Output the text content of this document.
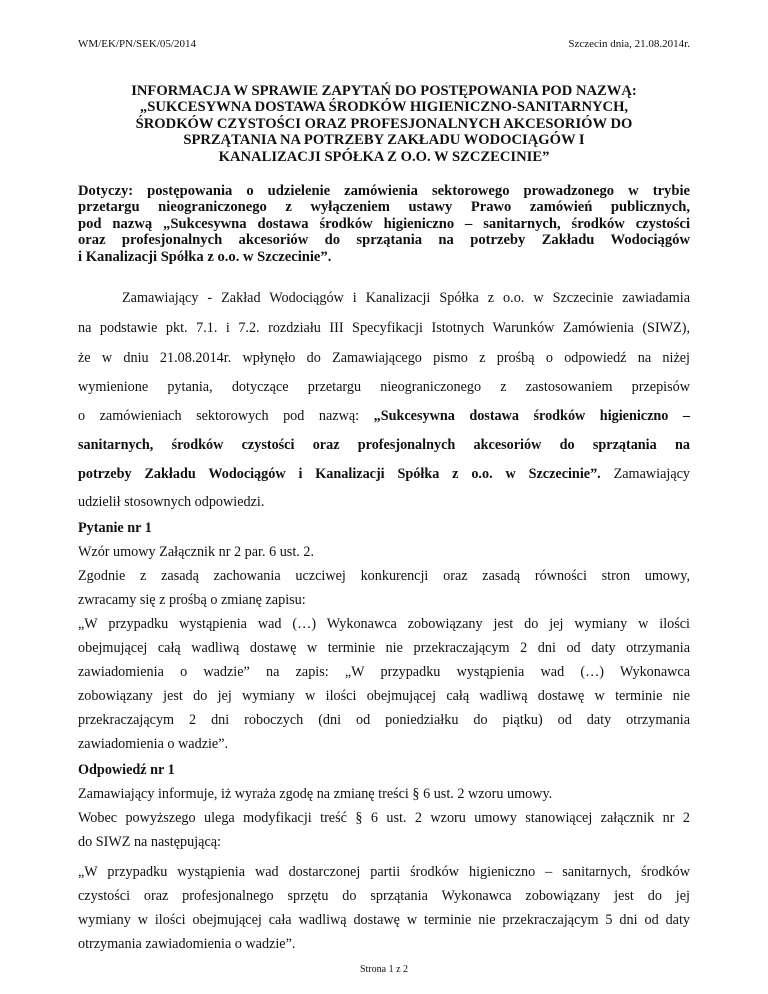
WM/EK/PN/SEK/05/2014	Szczecin dnia, 21.08.2014r.
INFORMACJA W SPRAWIE ZAPYTAŃ DO POSTĘPOWANIA POD NAZWĄ:
„SUKCESYWNA DOSTAWA ŚRODKÓW HIGIENICZNO-SANITARNYCH,
ŚRODKÓW CZYSTOŚCI ORAZ PROFESJONALNYCH AKCESORIÓW DO
SPRZĄTANIA NA POTRZEBY ZAKŁADU WODOCIĄGÓW I
KANALIZACJI SPÓŁKA Z O.O. W SZCZECINIE”
Dotyczy: postępowania o udzielenie zamówienia sektorowego prowadzonego w trybie
przetargu nieograniczonego z wyłączeniem ustawy Prawo zamówień publicznych,
pod nazwą „Sukcesywna dostawa środków higieniczno – sanitarnych, środków czystości
oraz profesjonalnych akcesoriów do sprzątania na potrzeby Zakładu Wodociągów
i Kanalizacji Spółka z o.o. w Szczecinie”.
Zamawiający - Zakład Wodociągów i Kanalizacji Spółka z o.o. w Szczecinie zawiadamia
na podstawie pkt. 7.1. i 7.2. rozdziału III Specyfikacji Istotnych Warunków Zamówienia (SIWZ),
że w dniu 21.08.2014r. wpłynęło do Zamawiającego pismo z prośbą o odpowiedź na niżej
wymienione pytania, dotyczące przetargu nieograniczonego z zastosowaniem przepisów
o zamówieniach sektorowych pod nazwą: „Sukcesywna dostawa środków higieniczno –
sanitarnych, środków czystości oraz profesjonalnych akcesoriów do sprzątania na
potrzeby Zakładu Wodociągów i Kanalizacji Spółka z o.o. w Szczecinie”. Zamawiający
udzielił stosownych odpowiedzi.
Pytanie nr 1
Wzór umowy Załącznik nr 2 par. 6 ust. 2.
Zgodnie z zasadą zachowania uczciwej konkurencji oraz zasadą równości stron umowy,
zwracamy się z prośbą o zmianę zapisu:
„W przypadku wystąpienia wad (…) Wykonawca zobowiązany jest do jej wymiany w ilości
obejmującej całą wadliwą dostawę w terminie nie przekraczającym 2 dni od daty otrzymania
zawiadomienia o wadzie” na zapis: „W przypadku wystąpienia wad (…) Wykonawca
zobowiązany jest do jej wymiany w ilości obejmującej całą wadliwą dostawę w terminie nie
przekraczającym 2 dni roboczych (dni od poniedziałku do piątku) od daty otrzymania
zawiadomienia o wadzie”.
Odpowiedź nr 1
Zamawiający informuje, iż wyraża zgodę na zmianę treści § 6 ust. 2 wzoru umowy.
Wobec powyższego ulega modyfikacji treść § 6 ust. 2 wzoru umowy stanowiącej załącznik nr 2
do SIWZ na następującą:
„W przypadku wystąpienia wad dostarczonej partii środków higieniczno – sanitarnych, środków
czystości oraz profesjonalnego sprzętu do sprzątania Wykonawca zobowiązany jest do jej
wymiany w ilości obejmującej cała wadliwą dostawę w terminie nie przekraczającym 5 dni od daty
otrzymania zawiadomienia o wadzie”.
Strona 1 z 2
